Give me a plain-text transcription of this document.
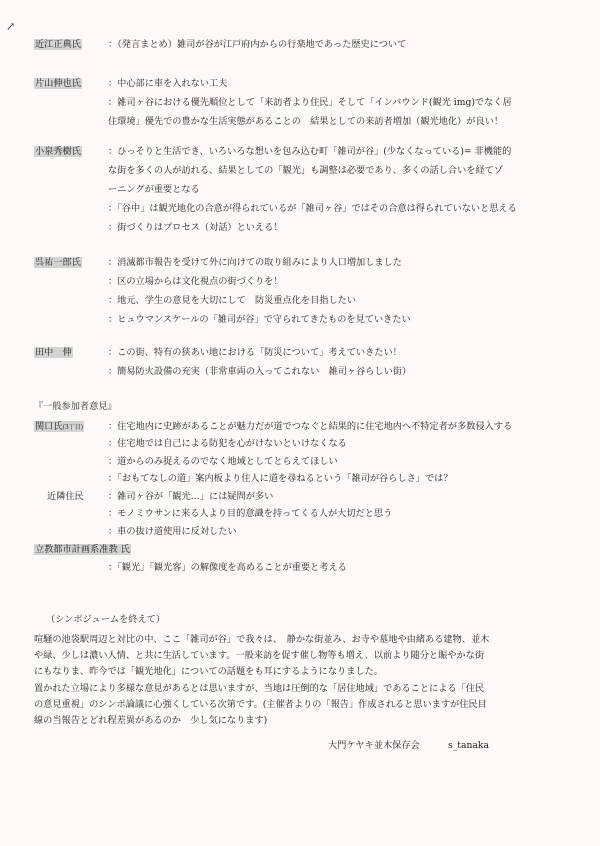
↗
近江正典氏	：（発言まとめ）雑司が谷が江戸府内からの行楽地であった歴史について
片山伸也氏	：中心部に車を入れない工夫
：雑司ヶ谷における優先順位として「来訪者より住民」そして「インバウンド(観光 img)でなく居
住環境」優先での豊かな生活実態があることの　結果としての来訪者増加（観光地化）が良い！
小泉秀樹氏	：ひっそりと生活でき、いろいろな想いを包み込む町「雑司が谷」(少なくなっている)= 非機能的
な街を多くの人が訪れる、結果としての「観光」も調整は必要であり、多くの話し合いを経てゾ
ーニングが重要となる
：「谷中」は観光地化の合意が得られているが「雑司ヶ谷」ではその合意は得られていないと思える
：街づくりはプロセス（対話）といえる！
呉祐一郎氏	：消滅都市報告を受けて外に向けての取り組みにより人口増加しました
：区の立場からは文化視点の街づくりを！
：地元、学生の意見を大切にして　防災重点化を目指したい
：ヒュウマンスケールの「雑司が谷」で守られてきたものを見ていきたい
田中　伸	：この街、特有の狭あい地における「防災について」考えていきたい！
：簡易防火設備の充実（非常車両の入ってこれない　雑司ヶ谷らしい街）
『一般参加者意見』
関口氏(3丁目)	：住宅地内に史跡があることが魅力だが道でつなぐと結果的に住宅地内へ不特定者が多数侵入する
：住宅地では自己による防犯を心がけないといけなくなる
：道からのみ捉えるのでなく地域としてとらえてほしい
：「おもてなしの道」案内板より住人に道を尋ねるという「雑司が谷らしさ」では？
近隣住民	：雑司ヶ谷が「観光…」には疑問が多い
：モノミウサンに来る人より目的意識を持ってくる人が大切だと思う
：車の抜け道使用に反対したい
立教都市計画系准教 氏
：「観光」「観光客」の解像度を高めることが重要と考える
（シンポジュームを終えて）
喧騒の池袋駅周辺と対比の中、ここ「雑司が谷」で我々は、　静かな街並み、お寺や墓地や由緒ある建物、並木
や緑、少しは濃い人情、と共に生活しています。一般来訪を促す催し物等も増え、以前より随分と賑やかな街
にもなりま、昨今では「観光地化」についての話題をも耳にするようになりました。
置かれた立場により多様な意見があるとは思いますが、当地は圧倒的な「居住地域」であることによる「住民
の意見重視」のシンポ論議に心強くしている次第です。(主催者よりの「報告」作成されると思いますが住民目
線の当報告とどれ程差異があるのか　少し気になります)
大門ケヤキ並木保存会	s_tanaka
